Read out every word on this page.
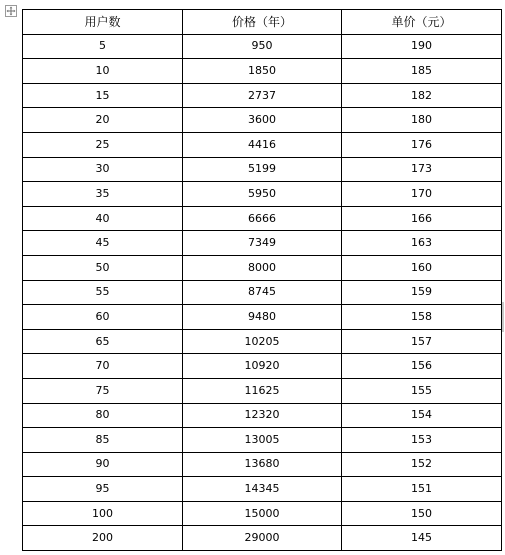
用户数	价格（年）	单价（元）
5	950	190
10	1850	185
15	2737	182
20	3600	180
25	4416	176
30	5199	173
35	5950	170
40	6666	166
45	7349	163
50	8000	160
55	8745	159
60	9480	158
65	10205	157
70	10920	156
75	11625	155
80	12320	154
85	13005	153
90	13680	152
95	14345	151
100	15000	150
200	29000	145
